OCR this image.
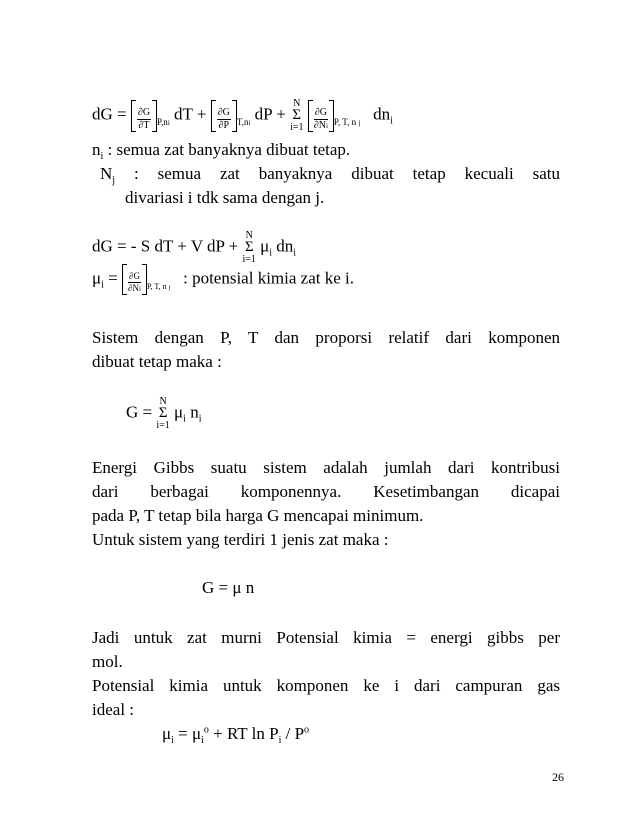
dG = $\frac{\partial G}{\partial T} _{P,ni}$ dT + $\frac{\partial G}{\partial P} _{T,ni}$ dP +
N
Σ
i=1
$\frac{\partial G}{\partial Ni} _{P, T, n j}$ $dn_i$
$n_i$ : semua zat banyaknya dibuat tetap.
$N_j$ : semua zat banyaknya dibuat tetap kecuali satu
divariasi i tdk sama dengan j.
dG = - S dT + V dP +
N
Σ
i=1
$\mu_i$ $dn_i$
$\mu_i = \frac{\partial G}{\partial Ni} _{P, T, n j}$   : potensial kimia zat ke i.
Sistem dengan P, T dan proporsi relatif dari komponen
dibuat tetap maka :
G =
N
Σ
i=1
$\mu_i$ $n_i$
Energi Gibbs suatu sistem adalah jumlah dari kontribusi
dari berbagai komponennya. Kesetimbangan dicapai
pada P, T tetap bila harga G mencapai minimum.
Untuk sistem yang terdiri 1 jenis zat maka :
G = μ n
Jadi untuk zat murni Potensial kimia = energi gibbs per
mol.
Potensial kimia untuk komponen ke i dari campuran gas
ideal :
$\mu_i = \mu_i^o$ + RT $\ln P_i / P^o$
26
